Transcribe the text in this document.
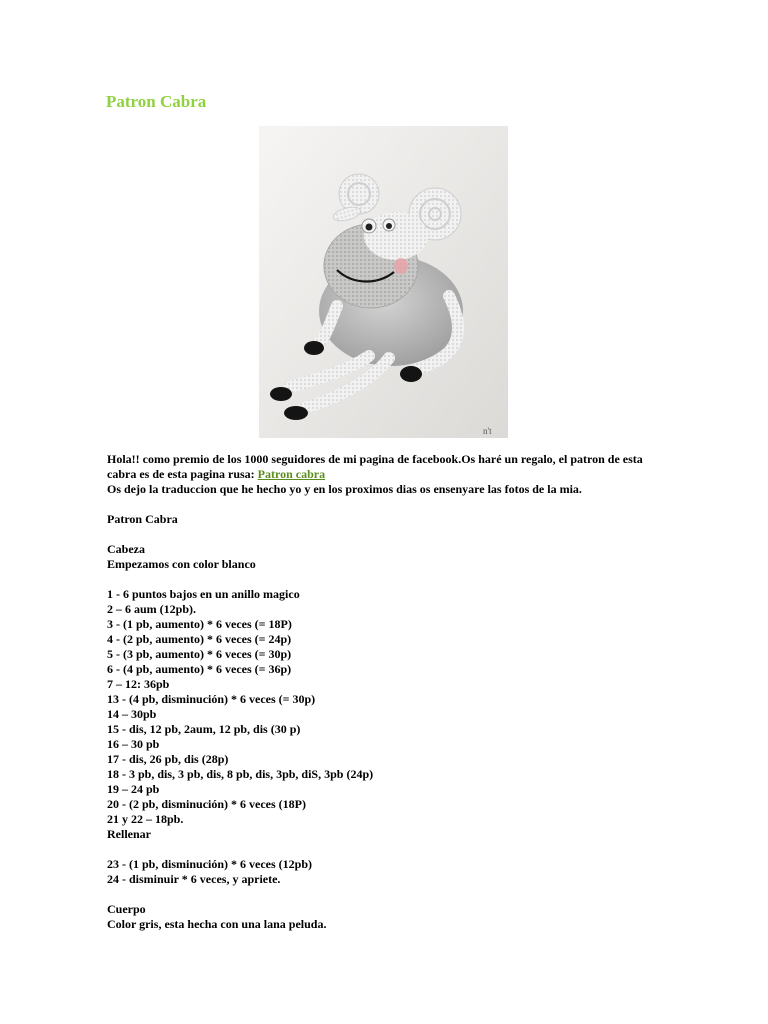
Patron Cabra
n't

Hola!! como premio de los 1000 seguidores de mi pagina de facebook.Os haré un regalo, el patron de esta cabra es de esta pagina rusa: Patron cabra

Os dejo la traduccion que he hecho yo y en los proximos dias os ensenyare las fotos de la mia.

Patron Cabra

Cabeza

Empezamos con color blanco

1 - 6 puntos bajos en un anillo magico

2 – 6 aum (12pb).

3 - (1 pb, aumento) * 6 veces (= 18P)

4 - (2 pb, aumento) * 6 veces (= 24p)

5 - (3 pb, aumento) * 6 veces (= 30p)

6 - (4 pb, aumento) * 6 veces (= 36p)

7 – 12: 36pb

13 - (4 pb, disminución) * 6 veces (= 30p)

14 – 30pb

15 - dis, 12 pb, 2aum, 12 pb, dis (30 p)

16 – 30 pb

17 - dis, 26 pb, dis (28p)

18 - 3 pb, dis, 3 pb, dis, 8 pb, dis, 3pb, diS, 3pb (24p)

19 – 24 pb

20 - (2 pb, disminución) * 6 veces (18P)

21 y 22 – 18pb.

Rellenar

23 - (1 pb, disminución) * 6 veces (12pb)

24 - disminuir * 6 veces, y apriete.

Cuerpo

Color gris, esta hecha con una lana peluda.
